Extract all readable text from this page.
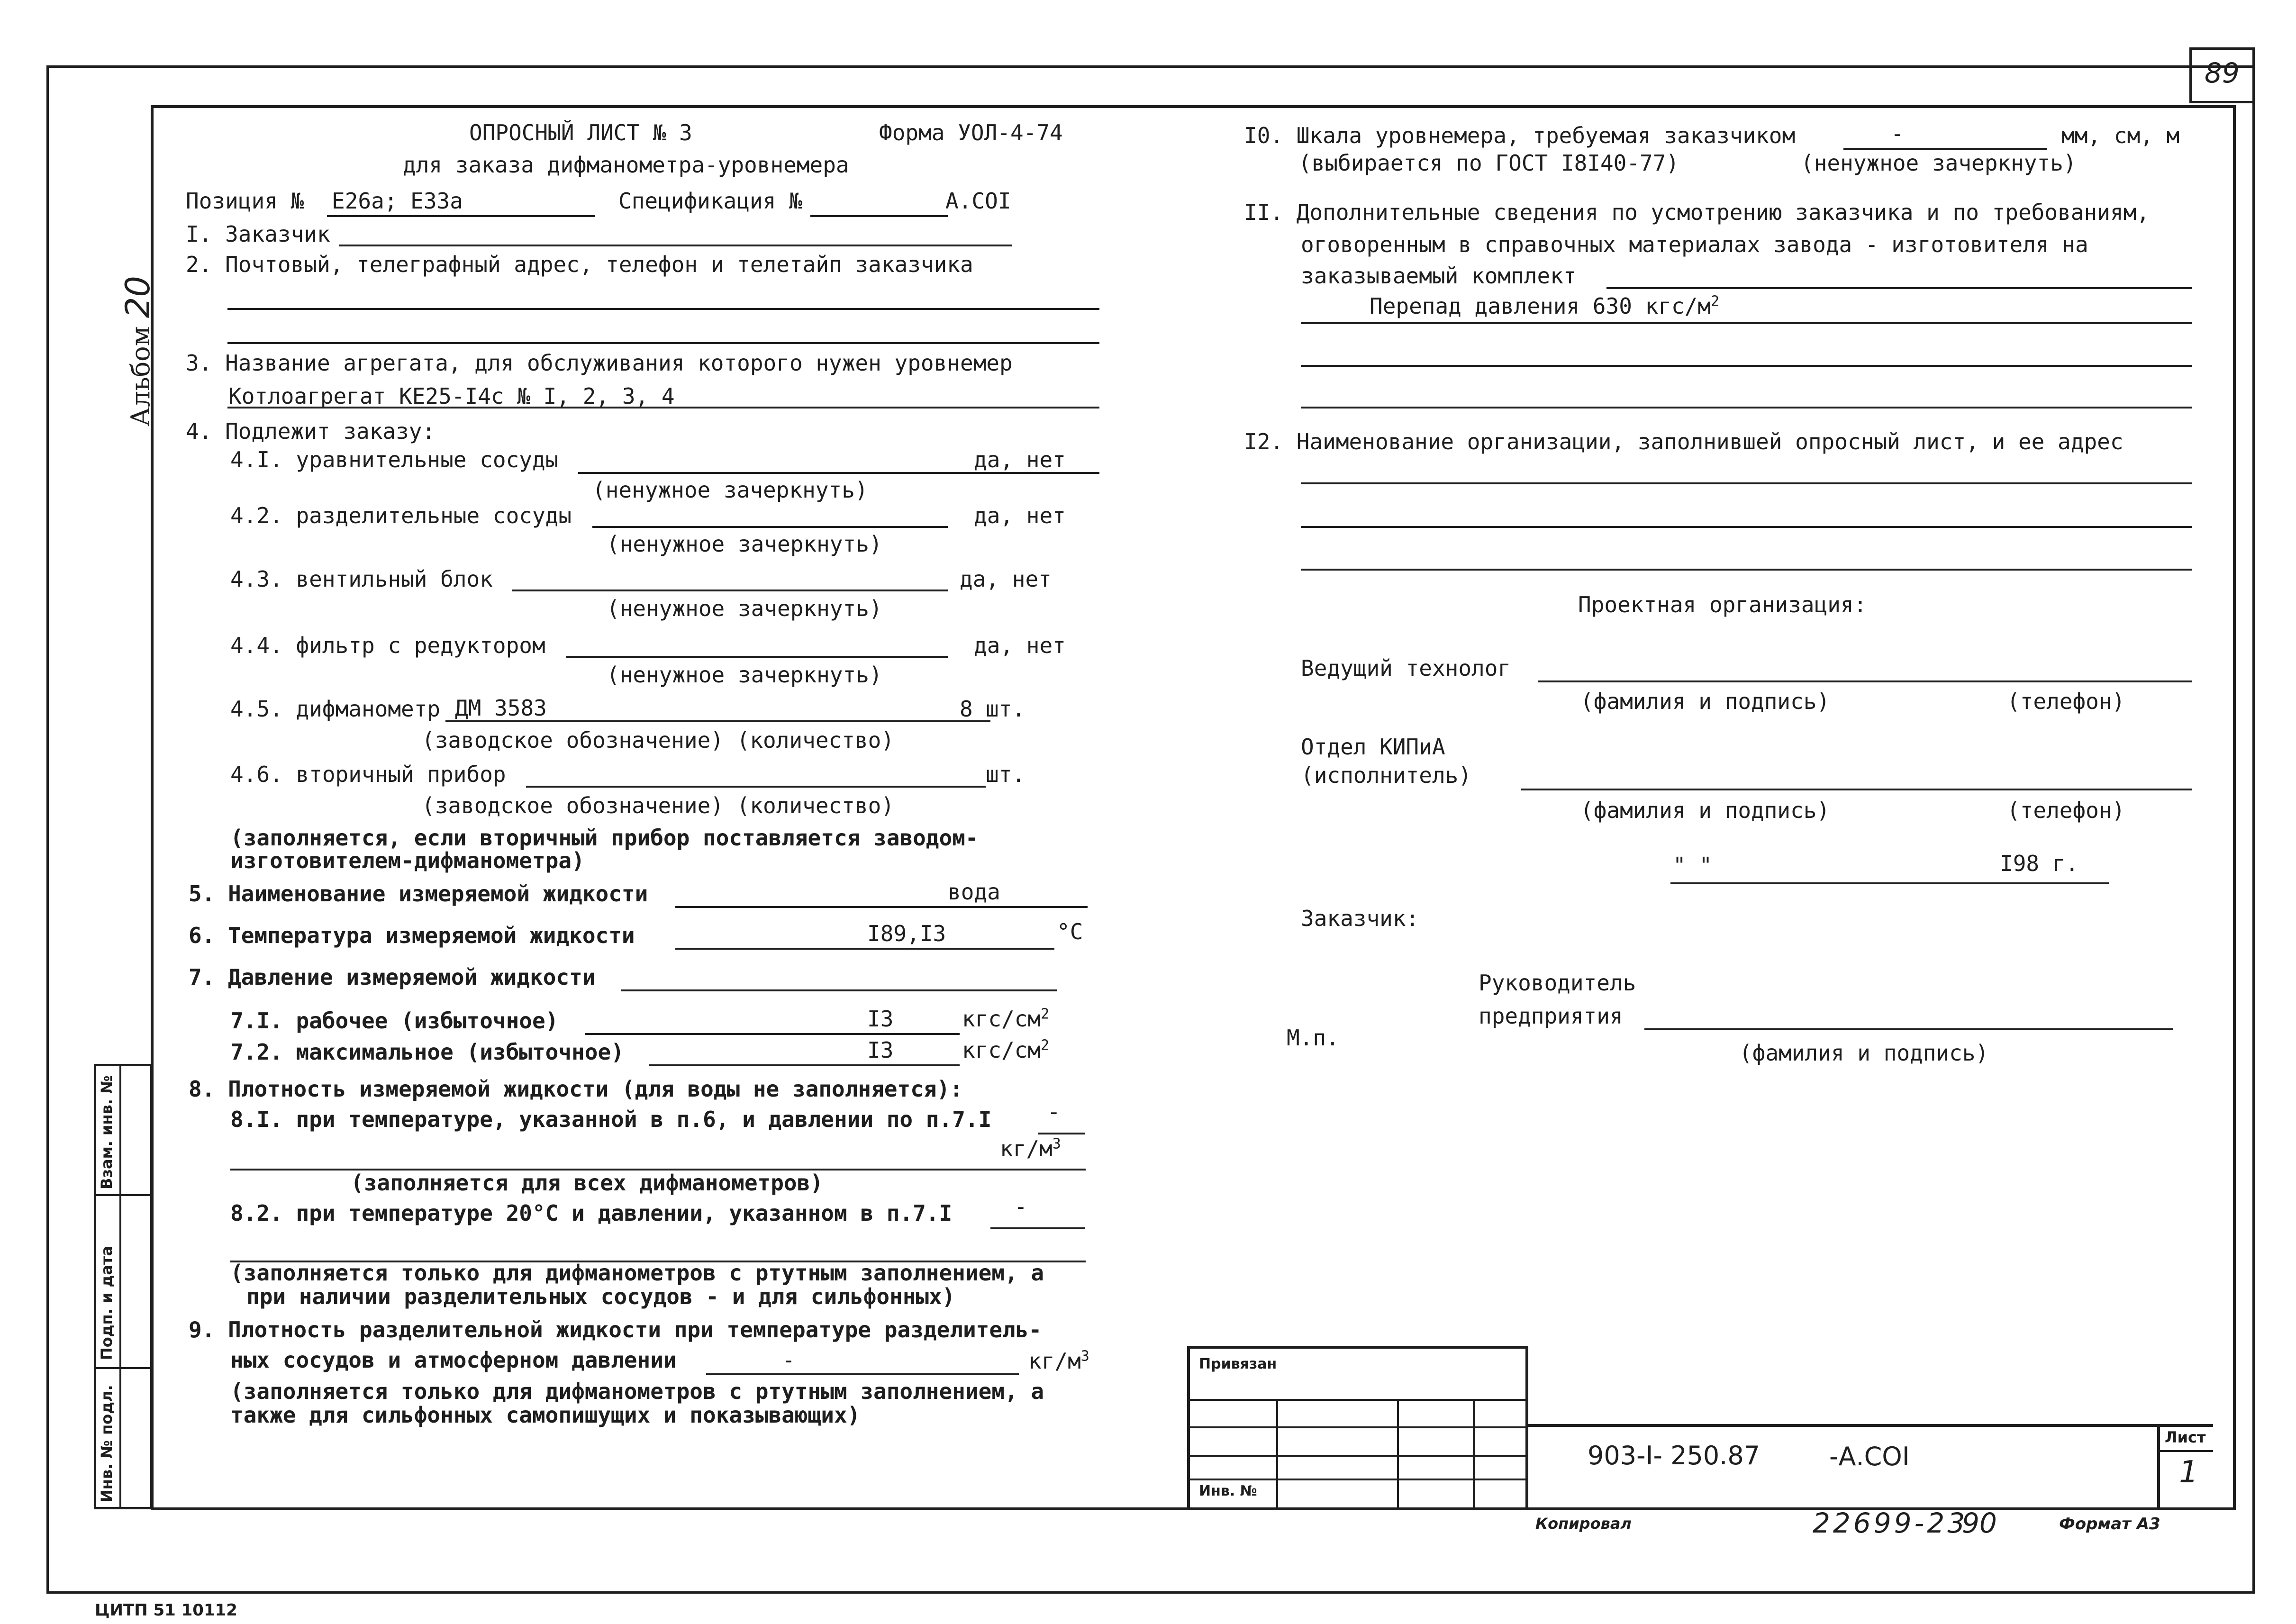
89
Альбом 20
Инв. № подл.
Подп. и дата
Взам. инв. №
ОПРОСНЫЙ ЛИСТ № 3	Форма УОЛ-4-74
для заказа дифманометра-уровнемера
Позиция № Е26а; Е33а	Спецификация №	А.СОI
I. Заказчик
2. Почтовый, телеграфный адрес, телефон и телетайп заказчика
3. Название агрегата, для обслуживания которого нужен уровнемер
Котлоагрегат КЕ25-I4с № I, 2, 3, 4
4. Подлежит заказу:
4.I. уравнительные сосуды	да, нет
(ненужное зачеркнуть)
4.2. разделительные сосуды	да, нет
(ненужное зачеркнуть)
4.3. вентильный блок	да, нет
(ненужное зачеркнуть)
4.4. фильтр с редуктором	да, нет
(ненужное зачеркнуть)
4.5. дифманометр ДМ 3583	8 шт.
(заводское обозначение) (количество)
4.6. вторичный прибор	шт.
(заводское обозначение) (количество)
(заполняется, если вторичный прибор поставляется заводом-
изготовителем-дифманометра)
5. Наименование измеряемой жидкости	вода
6. Температура измеряемой жидкости	I89,I3	°C
7. Давление измеряемой жидкости
7.I. рабочее (избыточное)	I3	кгс/$см^2$
7.2. максимальное (избыточное)	I3	кгс/$см^2$
8. Плотность измеряемой жидкости (для воды не заполняется):
8.I. при температуре, указанной в п.6, и давлении по п.7.I	-
$кг/м^3$
(заполняется для всех дифманометров)
8.2. при температуре 20°С и давлении, указанном в п.7.I	-
(заполняется только для дифманометров с ртутным заполнением, а
при наличии разделительных сосудов - и для сильфонных)
9. Плотность разделительной жидкости при температуре разделитель-
ных сосудов и атмосферном давлении	-	$кг/м^3$
(заполняется только для дифманометров с ртутным заполнением, а
также для сильфонных самопишущих и показывающих)
I0. Шкала уровнемера, требуемая заказчиком	-	мм, см, м
(выбирается по ГОСТ I8I40-77)	(ненужное зачеркнуть)
II. Дополнительные сведения по усмотрению заказчика и по требованиям,
оговоренным в справочных материалах завода - изготовителя на
заказываемый комплект
Перепад давления 630 кгс/$м^2$
I2. Наименование организации, заполнившей опросный лист, и ее адрес
Проектная организация:
Ведущий технолог
(фамилия и подпись)	(телефон)
Отдел КИПиА
(исполнитель)
(фамилия и подпись)	(телефон)
" "	I98 г.
Заказчик:
Руководитель
предприятия
(фамилия и подпись)
М.п.
Привязан
Инв. №
903-I- 250.87	-А.СОI
Лист
1
Копировал	22699-23
90	Формат А3
ЦИТП 51 10112
